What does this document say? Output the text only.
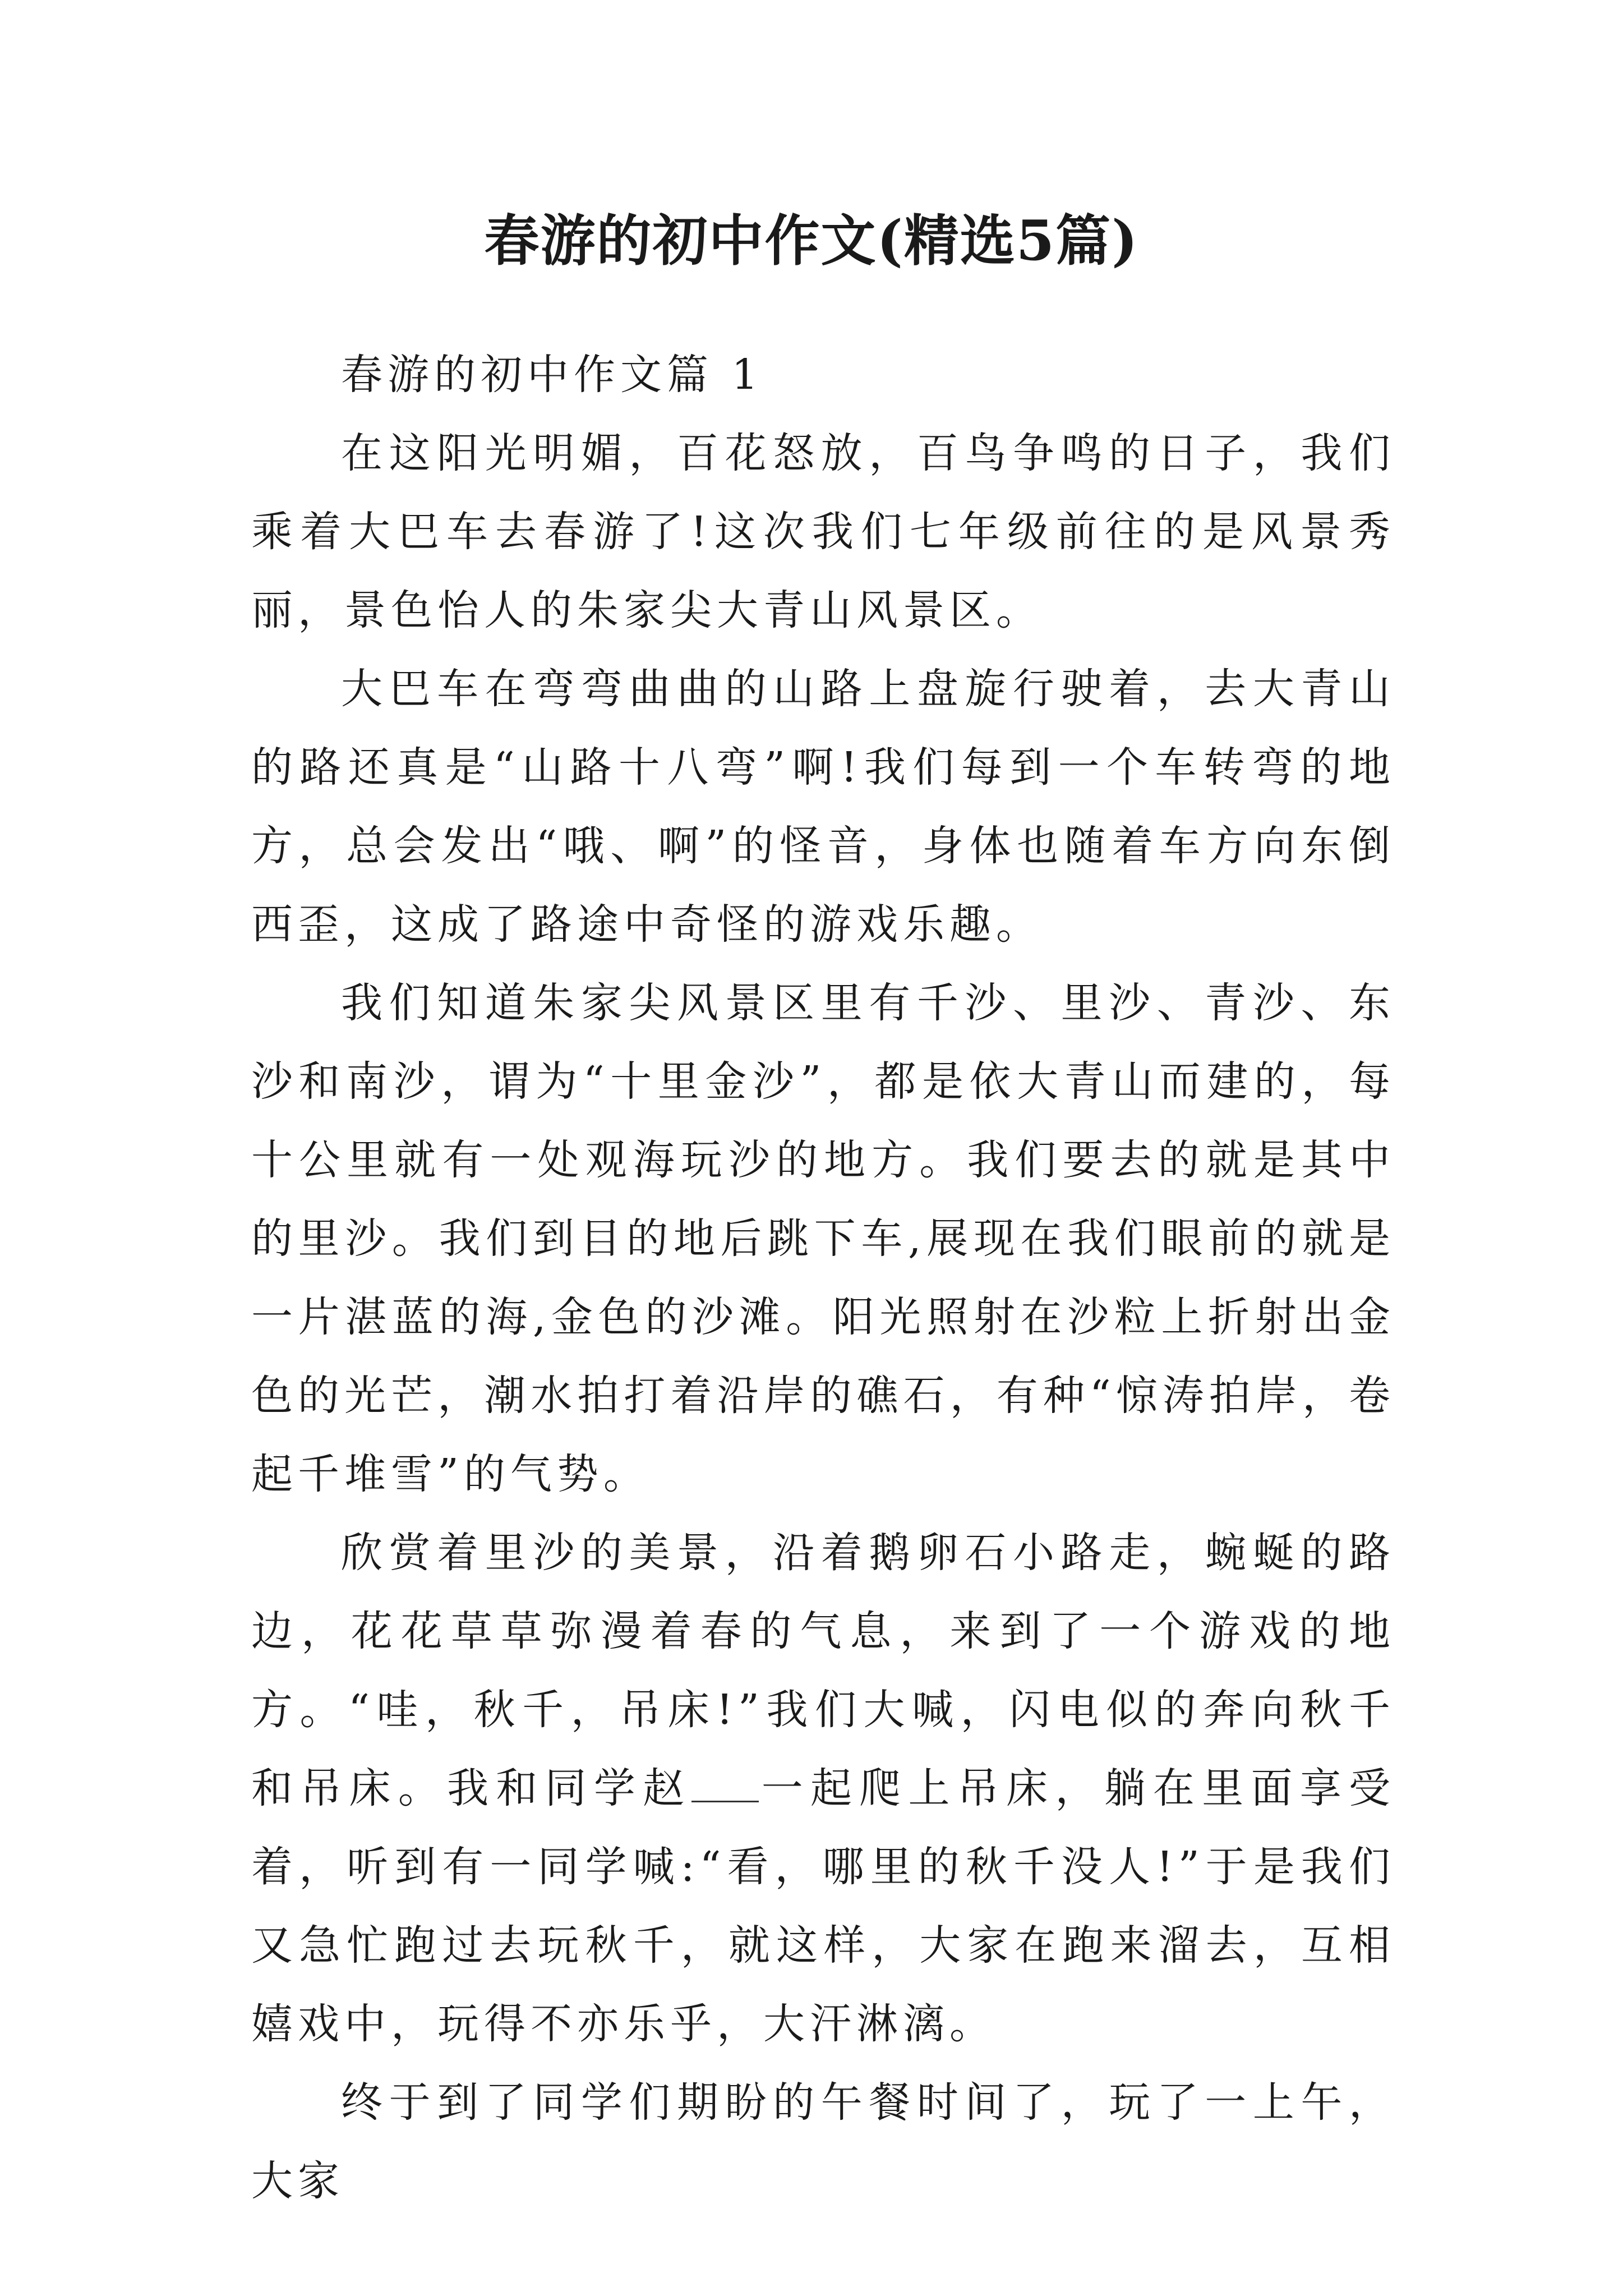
春游的初中作文(精选5篇)
春游的初中作文篇 1

在这阳光明媚，百花怒放，百鸟争鸣的日子，我们乘着大巴车去春游了!这次我们七年级前往的是风景秀丽，景色怡人的朱家尖大青山风景区。

大巴车在弯弯曲曲的山路上盘旋行驶着，去大青山的路还真是“山路十八弯”啊!我们每到一个车转弯的地方，总会发出“哦、啊”的怪音，身体也随着车方向东倒西歪，这成了路途中奇怪的游戏乐趣。

我们知道朱家尖风景区里有千沙、里沙、青沙、东沙和南沙，谓为“十里金沙”，都是依大青山而建的，每十公里就有一处观海玩沙的地方。我们要去的就是其中的里沙。我们到目的地后跳下车,展现在我们眼前的就是一片湛蓝的海,金色的沙滩。阳光照射在沙粒上折射出金色的光芒，潮水拍打着沿岸的礁石，有种“惊涛拍岸，卷起千堆雪”的气势。

欣赏着里沙的美景，沿着鹅卵石小路走，蜿蜒的路边，花花草草弥漫着春的气息，来到了一个游戏的地方。“哇，秋千，吊床!”我们大喊，闪电似的奔向秋千和吊床。我和同学赵 一起爬上吊床，躺在里面享受着，听到有一同学喊:“看，哪里的秋千没人!”于是我们又急忙跑过去玩秋千，就这样，大家在跑来溜去，互相嬉戏中，玩得不亦乐乎，大汗淋漓。

终于到了同学们期盼的午餐时间了，玩了一上午，大家
